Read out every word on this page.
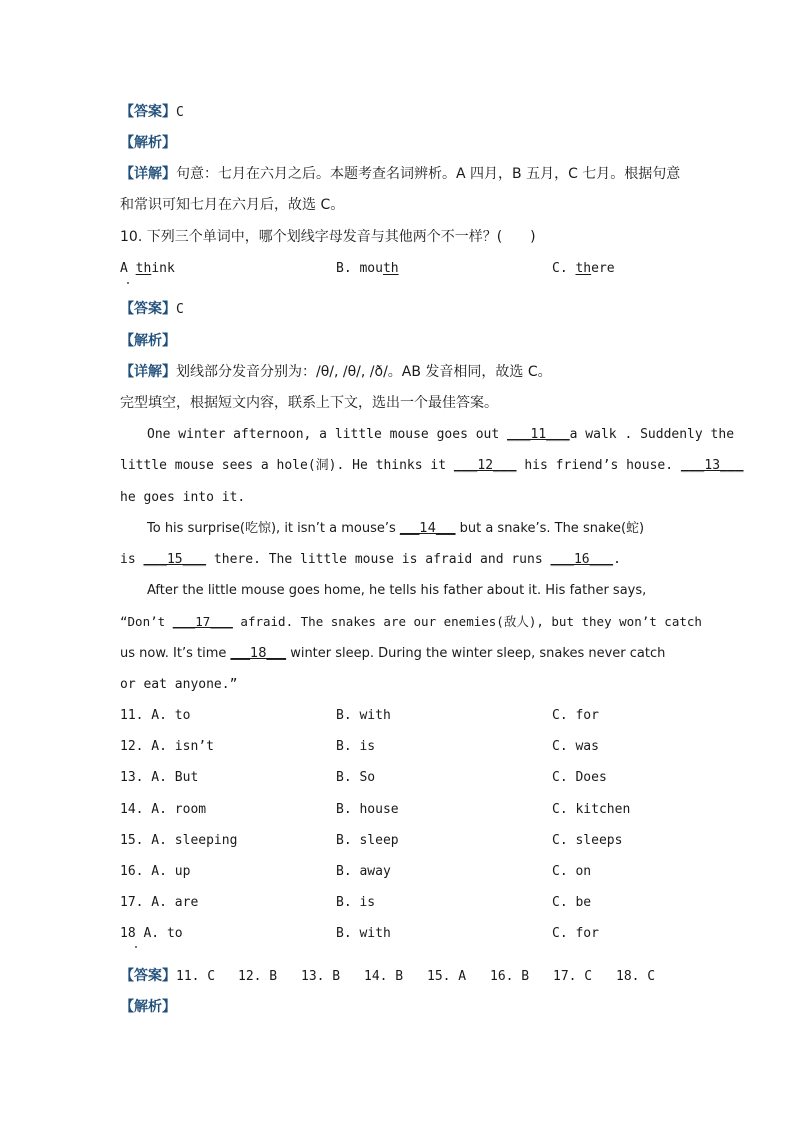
【答案】C
【解析】
【详解】句意：七月在六月之后。本题考查名词辨析。A 四月，B 五月，C 七月。根据句意
和常识可知七月在六月后，故选 C。
10. 下列三个单词中，哪个划线字母发音与其他两个不一样？(　　)
A think	B. mouth	C. there
【答案】C
【解析】
【详解】划线部分发音分别为：/θ/, /θ/, /ð/。AB 发音相同，故选 C。
完型填空，根据短文内容，联系上下文，选出一个最佳答案。
One winter afternoon, a little mouse goes out ___11___ a walk . Suddenly the
little mouse sees a hole(洞). He thinks it ___12___ his friend’s house. ___13___
he goes into it.
To his surprise(吃惊), it isn’t a mouse’s ___14___ but a snake’s. The snake(蛇)
is ___15___ there. The little mouse is afraid and runs ___16___.
After the little mouse goes home, he tells his father about it. His father says,
“Don’t ___17___ afraid. The snakes are our enemies(敌人), but they won’t catch
us now. It’s time ___18___ winter sleep. During the winter sleep, snakes never catch
or eat anyone.”
11. A. to	B. with	C. for
12. A. isn’t	B. is	C. was
13. A. But	B. So	C. Does
14. A. room	B. house	C. kitchen
15. A. sleeping	B. sleep	C. sleeps
16. A. up	B. away	C. on
17. A. are	B. is	C. be
18 A. to	B. with	C. for
【答案】11. C 12. B 13. B 14. B 15. A 16. B 17. C 18. C
【解析】
